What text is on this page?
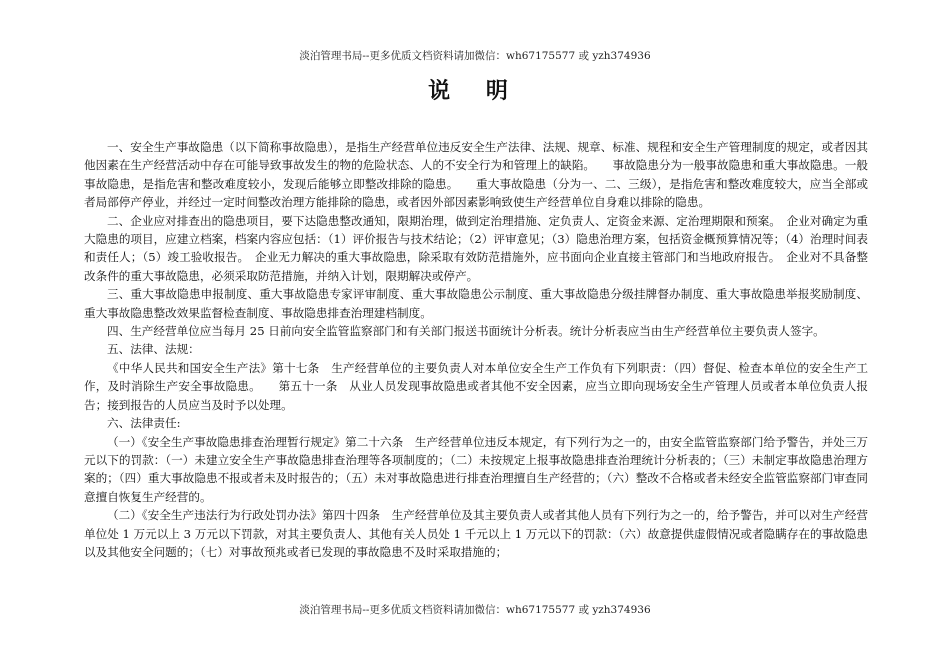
淡泊管理书局--更多优质文档资料请加微信：wh67175577 或 yzh374936
说 明

一、安全生产事故隐患（以下简称事故隐患），是指生产经营单位违反安全生产法律、法规、规章、标准、规程和安全生产管理制度的规定，或者因其他因素在生产经营活动中存在可能导致事故发生的物的危险状态、人的不安全行为和管理上的缺陷。　　事故隐患分为一般事故隐患和重大事故隐患。一般事故隐患，是指危害和整改难度较小，发现后能够立即整改排除的隐患。　　重大事故隐患（分为一、二、三级），是指危害和整改难度较大，应当全部或者局部停产停业，并经过一定时间整改治理方能排除的隐患，或者因外部因素影响致使生产经营单位自身难以排除的隐患。

二、企业应对排查出的隐患项目，要下达隐患整改通知，限期治理，做到定治理措施、定负责人、定资金来源、定治理期限和预案。　企业对确定为重大隐患的项目，应建立档案，档案内容应包括：（1）评价报告与技术结论；（2）评审意见；（3）隐患治理方案，包括资金概预算情况等；（4）治理时间表和责任人；（5）竣工验收报告。　企业无力解决的重大事故隐患，除采取有效防范措施外，应书面向企业直接主管部门和当地政府报告。　企业对不具备整改条件的重大事故隐患，必须采取防范措施，并纳入计划，限期解决或停产。

三、重大事故隐患申报制度、重大事故隐患专家评审制度、重大事故隐患公示制度、重大事故隐患分级挂牌督办制度、重大事故隐患举报奖励制度、重大事故隐患整改效果监督检查制度、事故隐患排查治理建档制度。

四、生产经营单位应当每月 25 日前向安全监管监察部门和有关部门报送书面统计分析表。统计分析表应当由生产经营单位主要负责人签字。

五、法律、法规：

《中华人民共和国安全生产法》第十七条　生产经营单位的主要负责人对本单位安全生产工作负有下列职责：（四）督促、检查本单位的安全生产工作，及时消除生产安全事故隐患。　　第五十一条　从业人员发现事故隐患或者其他不安全因素，应当立即向现场安全生产管理人员或者本单位负责人报告；接到报告的人员应当及时予以处理。

六、法律责任:

（一）《安全生产事故隐患排查治理暂行规定》第二十六条　生产经营单位违反本规定，有下列行为之一的，由安全监管监察部门给予警告，并处三万元以下的罚款：（一）未建立安全生产事故隐患排查治理等各项制度的；（二）未按规定上报事故隐患排查治理统计分析表的；（三）未制定事故隐患治理方案的；（四）重大事故隐患不报或者未及时报告的；（五）未对事故隐患进行排查治理擅自生产经营的；（六）整改不合格或者未经安全监管监察部门审查同意擅自恢复生产经营的。

（二）《安全生产违法行为行政处罚办法》第四十四条　生产经营单位及其主要负责人或者其他人员有下列行为之一的，给予警告，并可以对生产经营单位处 1 万元以上 3 万元以下罚款，对其主要负责人、其他有关人员处 1 千元以上 1 万元以下的罚款：（六）故意提供虚假情况或者隐瞒存在的事故隐患以及其他安全问题的；（七）对事故预兆或者已发现的事故隐患不及时采取措施的；

淡泊管理书局--更多优质文档资料请加微信：wh67175577 或 yzh374936
